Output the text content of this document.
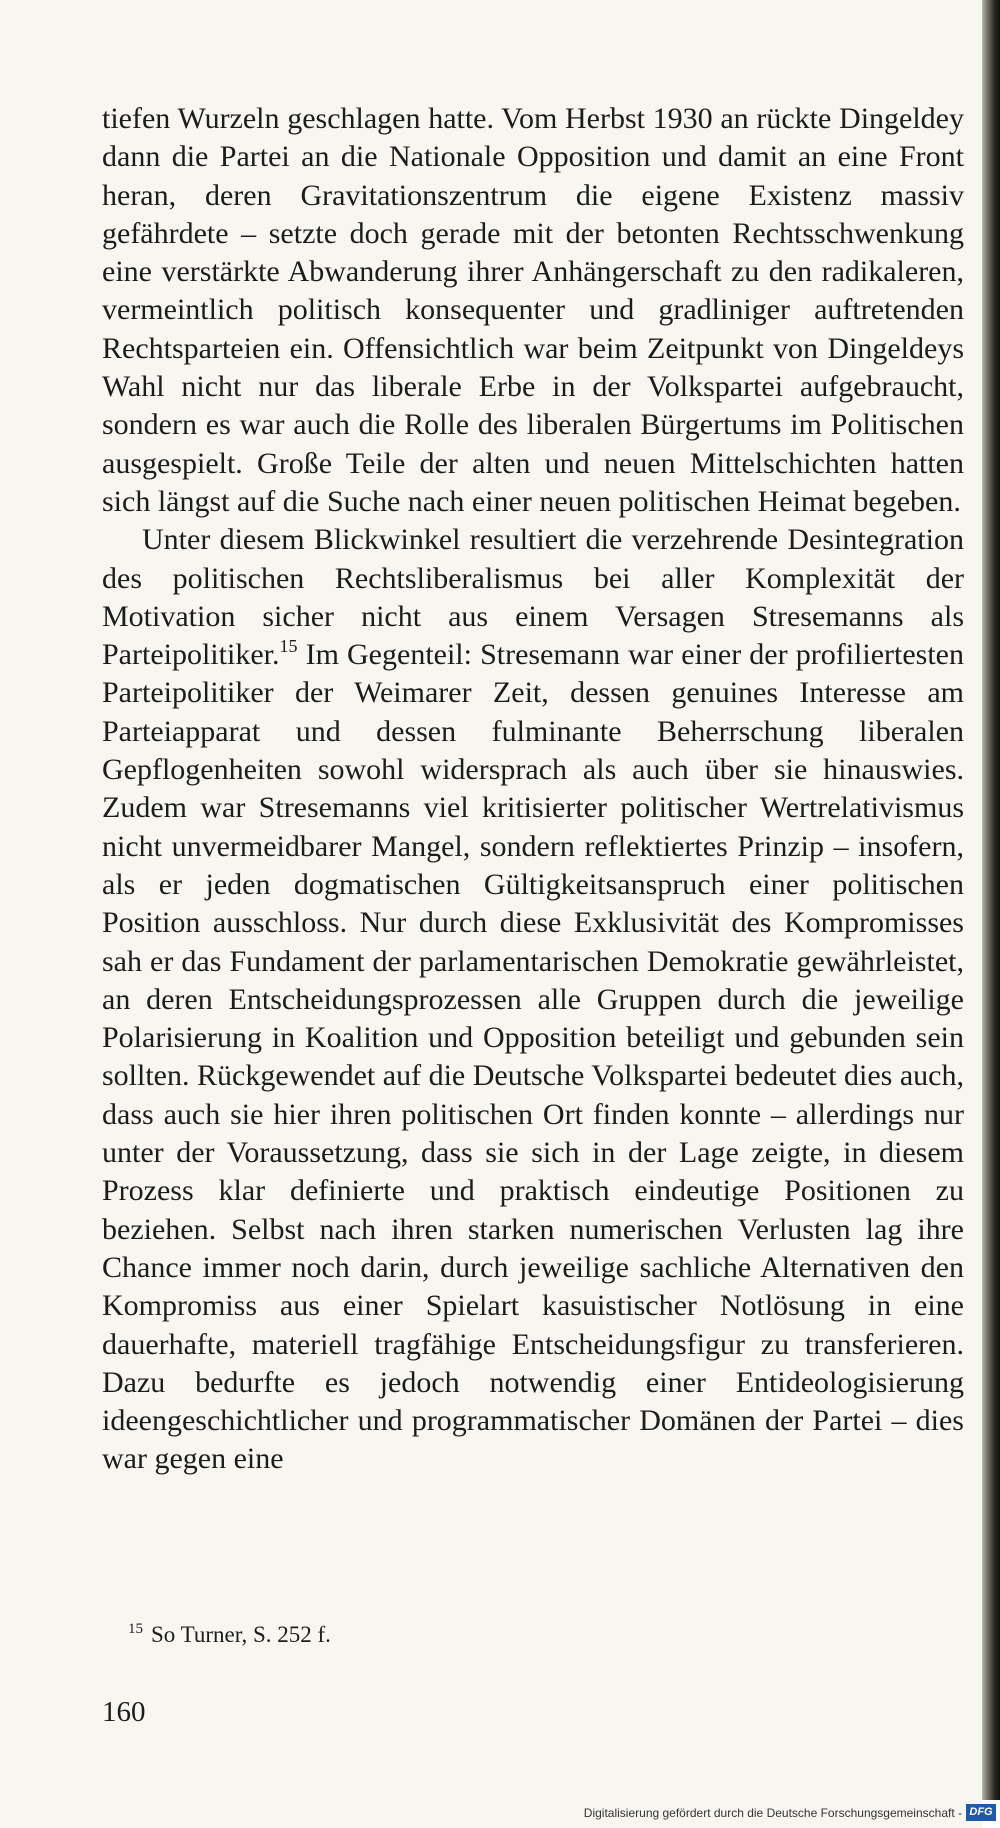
tiefen Wurzeln geschlagen hatte. Vom Herbst 1930 an rückte Dingeldey dann die Partei an die Nationale Opposition und damit an eine Front heran, deren Gravitationszentrum die eigene Existenz massiv gefährdete – setzte doch gerade mit der betonten Rechtsschwenkung eine verstärkte Abwanderung ihrer Anhängerschaft zu den radikaleren, vermeintlich politisch konsequenter und gradliniger auftretenden Rechtsparteien ein. Offensichtlich war beim Zeitpunkt von Dingeldeys Wahl nicht nur das liberale Erbe in der Volkspartei aufgebraucht, sondern es war auch die Rolle des liberalen Bürgertums im Politischen ausgespielt. Große Teile der alten und neuen Mittelschichten hatten sich längst auf die Suche nach einer neuen politischen Heimat begeben.

Unter diesem Blickwinkel resultiert die verzehrende Desintegration des politischen Rechtsliberalismus bei aller Komplexität der Motivation sicher nicht aus einem Versagen Stresemanns als Parteipolitiker.$^{15}$ Im Gegenteil: Stresemann war einer der profiliertesten Parteipolitiker der Weimarer Zeit, dessen genuines Interesse am Parteiapparat und dessen fulminante Beherrschung liberalen Gepflogenheiten sowohl widersprach als auch über sie hinauswies. Zudem war Stresemanns viel kritisierter politischer Wertrelativismus nicht unvermeidbarer Mangel, sondern reflektiertes Prinzip – insofern, als er jeden dogmatischen Gültigkeitsanspruch einer politischen Position ausschloss. Nur durch diese Exklusivität des Kompromisses sah er das Fundament der parlamentarischen Demokratie gewährleistet, an deren Entscheidungsprozessen alle Gruppen durch die jeweilige Polarisierung in Koalition und Opposition beteiligt und gebunden sein sollten. Rückgewendet auf die Deutsche Volkspartei bedeutet dies auch, dass auch sie hier ihren politischen Ort finden konnte – allerdings nur unter der Voraussetzung, dass sie sich in der Lage zeigte, in diesem Prozess klar definierte und praktisch eindeutige Positionen zu beziehen. Selbst nach ihren starken numerischen Verlusten lag ihre Chance immer noch darin, durch jeweilige sachliche Alternativen den Kompromiss aus einer Spielart kasuistischer Notlösung in eine dauerhafte, materiell tragfähige Entscheidungsfigur zu transferieren. Dazu bedurfte es jedoch notwendig einer Entideologisierung ideengeschichtlicher und programmatischer Domänen der Partei – dies war gegen eine

$^{15}$ So Turner, S. 252 f.
160
Digitalisierung gefördert durch die Deutsche Forschungsgemeinschaft - DFG
